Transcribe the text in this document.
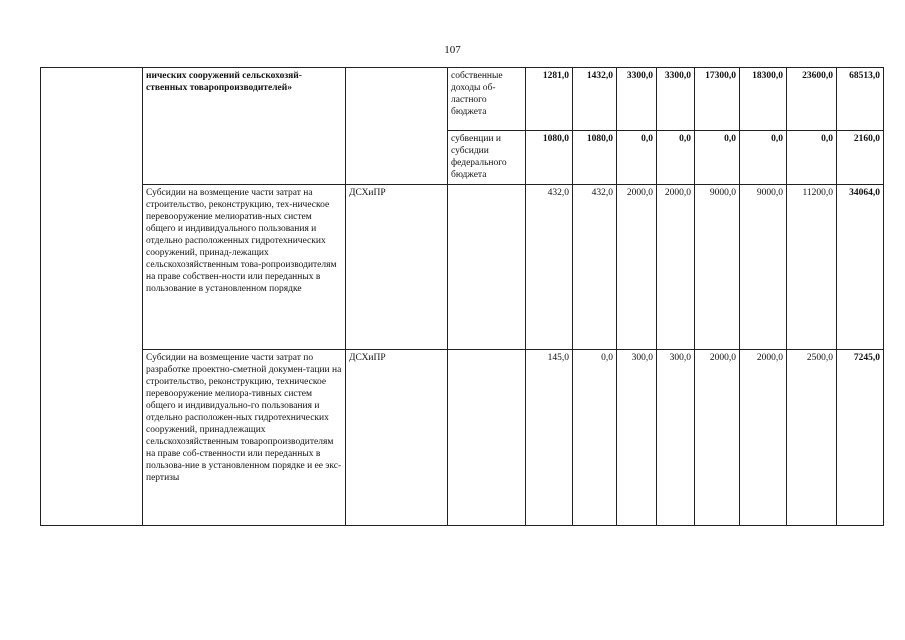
107
	ническиx сооружений сельскохозяй-ственных товаропроизводителей»		собственные доходы об-ластного бюджета	1281,0	1432,0	3300,0	3300,0	17300,0	18300,0	23600,0	68513,0
			субвенции и субсидии федерального бюджета	1080,0	1080,0	0,0	0,0	0,0	0,0	0,0	2160,0
	Субсидии на возмещение части затрат на строительство, реконструкцию, тех-ническое перевооружение мелиоратив-ных систем общего и индивидуального пользования и отдельно расположенных гидротехнических сооружений, принад-лежащих сельскохозяйственным това-ропроизводителям на праве собствен-ности или переданных в пользование в установленном порядке	ДСХиПР		432,0	432,0	2000,0	2000,0	9000,0	9000,0	11200,0	34064,0
	Субсидии на возмещение части затрат по разработке проектно-сметной докумен-тации на строительство, реконструкцию, техническое перевооружение мелиора-тивных систем общего и индивидуально-го пользования и отдельно расположен-ных гидротехнических сооружений, принадлежащих сельскохозяйственным товаропроизводителям на праве соб-ственности или переданных в пользова-ние в установленном порядке и ее экс-пертизы	ДСХиПР		145,0	0,0	300,0	300,0	2000,0	2000,0	2500,0	7245,0
